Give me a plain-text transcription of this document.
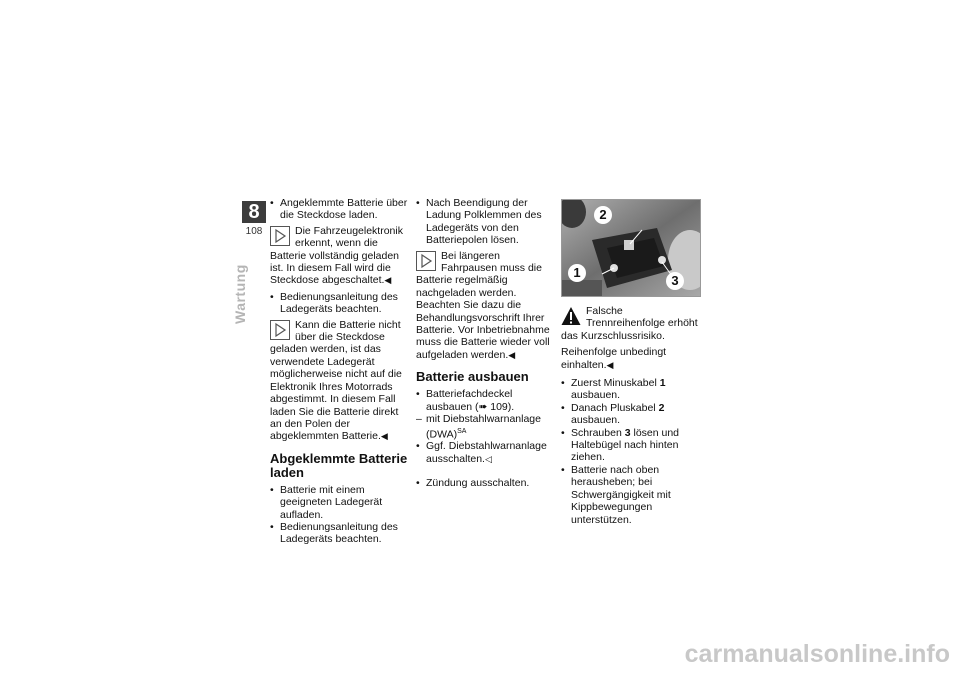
8
108
Wartung

• Angeklemmte Batterie über die Steckdose laden.

Die Fahrzeugelektronik erkennt, wenn die Batterie vollständig geladen ist. In diesem Fall wird die Steckdose abgeschaltet.◀

• Bedienungsanleitung des Ladegeräts beachten.

Kann die Batterie nicht über die Steckdose geladen werden, ist das verwendete Ladegerät möglicherweise nicht auf die Elektronik Ihres Motorrads abgestimmt. In diesem Fall laden Sie die Batterie direkt an den Polen der abgeklemmten Batterie.◀
Abgeklemmte Batterie laden

• Batterie mit einem geeigneten Ladegerät aufladen.

• Bedienungsanleitung des Ladegeräts beachten.

• Nach Beendigung der Ladung Polklemmen des Ladegeräts von den Batteriepolen lösen.

Bei längeren Fahrpausen muss die Batterie regelmäßig nachgeladen werden. Beachten Sie dazu die Behandlungsvorschrift Ihrer Batterie. Vor Inbetriebnahme muss die Batterie wieder voll aufgeladen werden.◀
Batterie ausbauen

• Batteriefachdeckel ausbauen (➠ 109).

– mit Diebstahlwarnanlage (DWA)$^{SA}$

• Ggf. Diebstahlwarnanlage ausschalten.◁

• Zündung ausschalten.

2
1
3
Falsche Trennreihenfolge erhöht das Kurzschlussrisiko.
Reihenfolge unbedingt einhalten.◀

• Zuerst Minuskabel 1 ausbauen.

• Danach Pluskabel 2 ausbauen.

• Schrauben 3 lösen und Haltebügel nach hinten ziehen.

• Batterie nach oben herausheben; bei Schwergängigkeit mit Kippbewegungen unterstützen.

carmanualsonline.info
